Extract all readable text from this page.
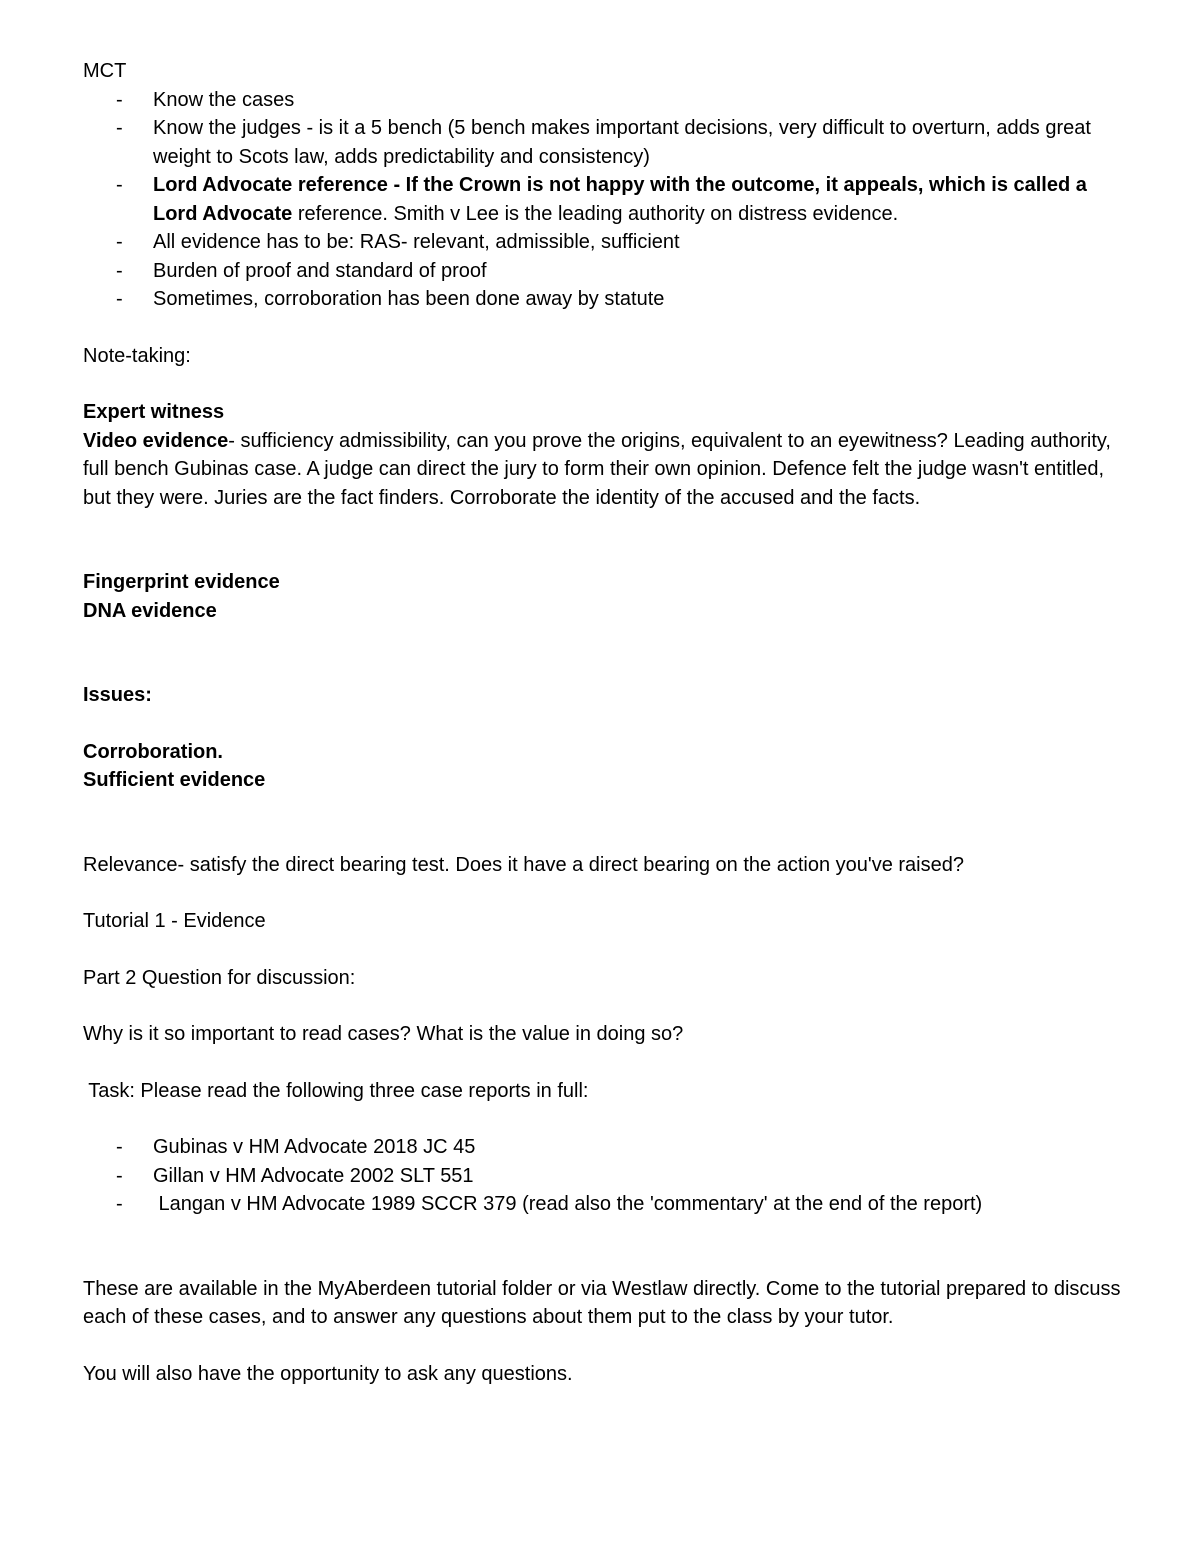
MCT
- Know the cases
- Know the judges - is it a 5 bench (5 bench makes important decisions, very difficult to overturn, adds great weight to Scots law, adds predictability and consistency)
- Lord Advocate reference - If the Crown is not happy with the outcome, it appeals, which is called a Lord Advocate reference. Smith v Lee is the leading authority on distress evidence.
- All evidence has to be: RAS- relevant, admissible, sufficient
- Burden of proof and standard of proof
- Sometimes, corroboration has been done away by statute
Note-taking:
Expert witness
Video evidence- sufficiency admissibility, can you prove the origins, equivalent to an eyewitness? Leading authority, full bench Gubinas case. A judge can direct the jury to form their own opinion. Defence felt the judge wasn't entitled, but they were. Juries are the fact finders. Corroborate the identity of the accused and the facts.
Fingerprint evidence
DNA evidence
Issues:
Corroboration.
Sufficient evidence
Relevance- satisfy the direct bearing test. Does it have a direct bearing on the action you've raised?
Tutorial 1 - Evidence
Part 2 Question for discussion:
Why is it so important to read cases? What is the value in doing so?
Task: Please read the following three case reports in full:
- Gubinas v HM Advocate 2018 JC 45
- Gillan v HM Advocate 2002 SLT 551
- Langan v HM Advocate 1989 SCCR 379 (read also the 'commentary' at the end of the report)
These are available in the MyAberdeen tutorial folder or via Westlaw directly. Come to the tutorial prepared to discuss each of these cases, and to answer any questions about them put to the class by your tutor.
You will also have the opportunity to ask any questions.
